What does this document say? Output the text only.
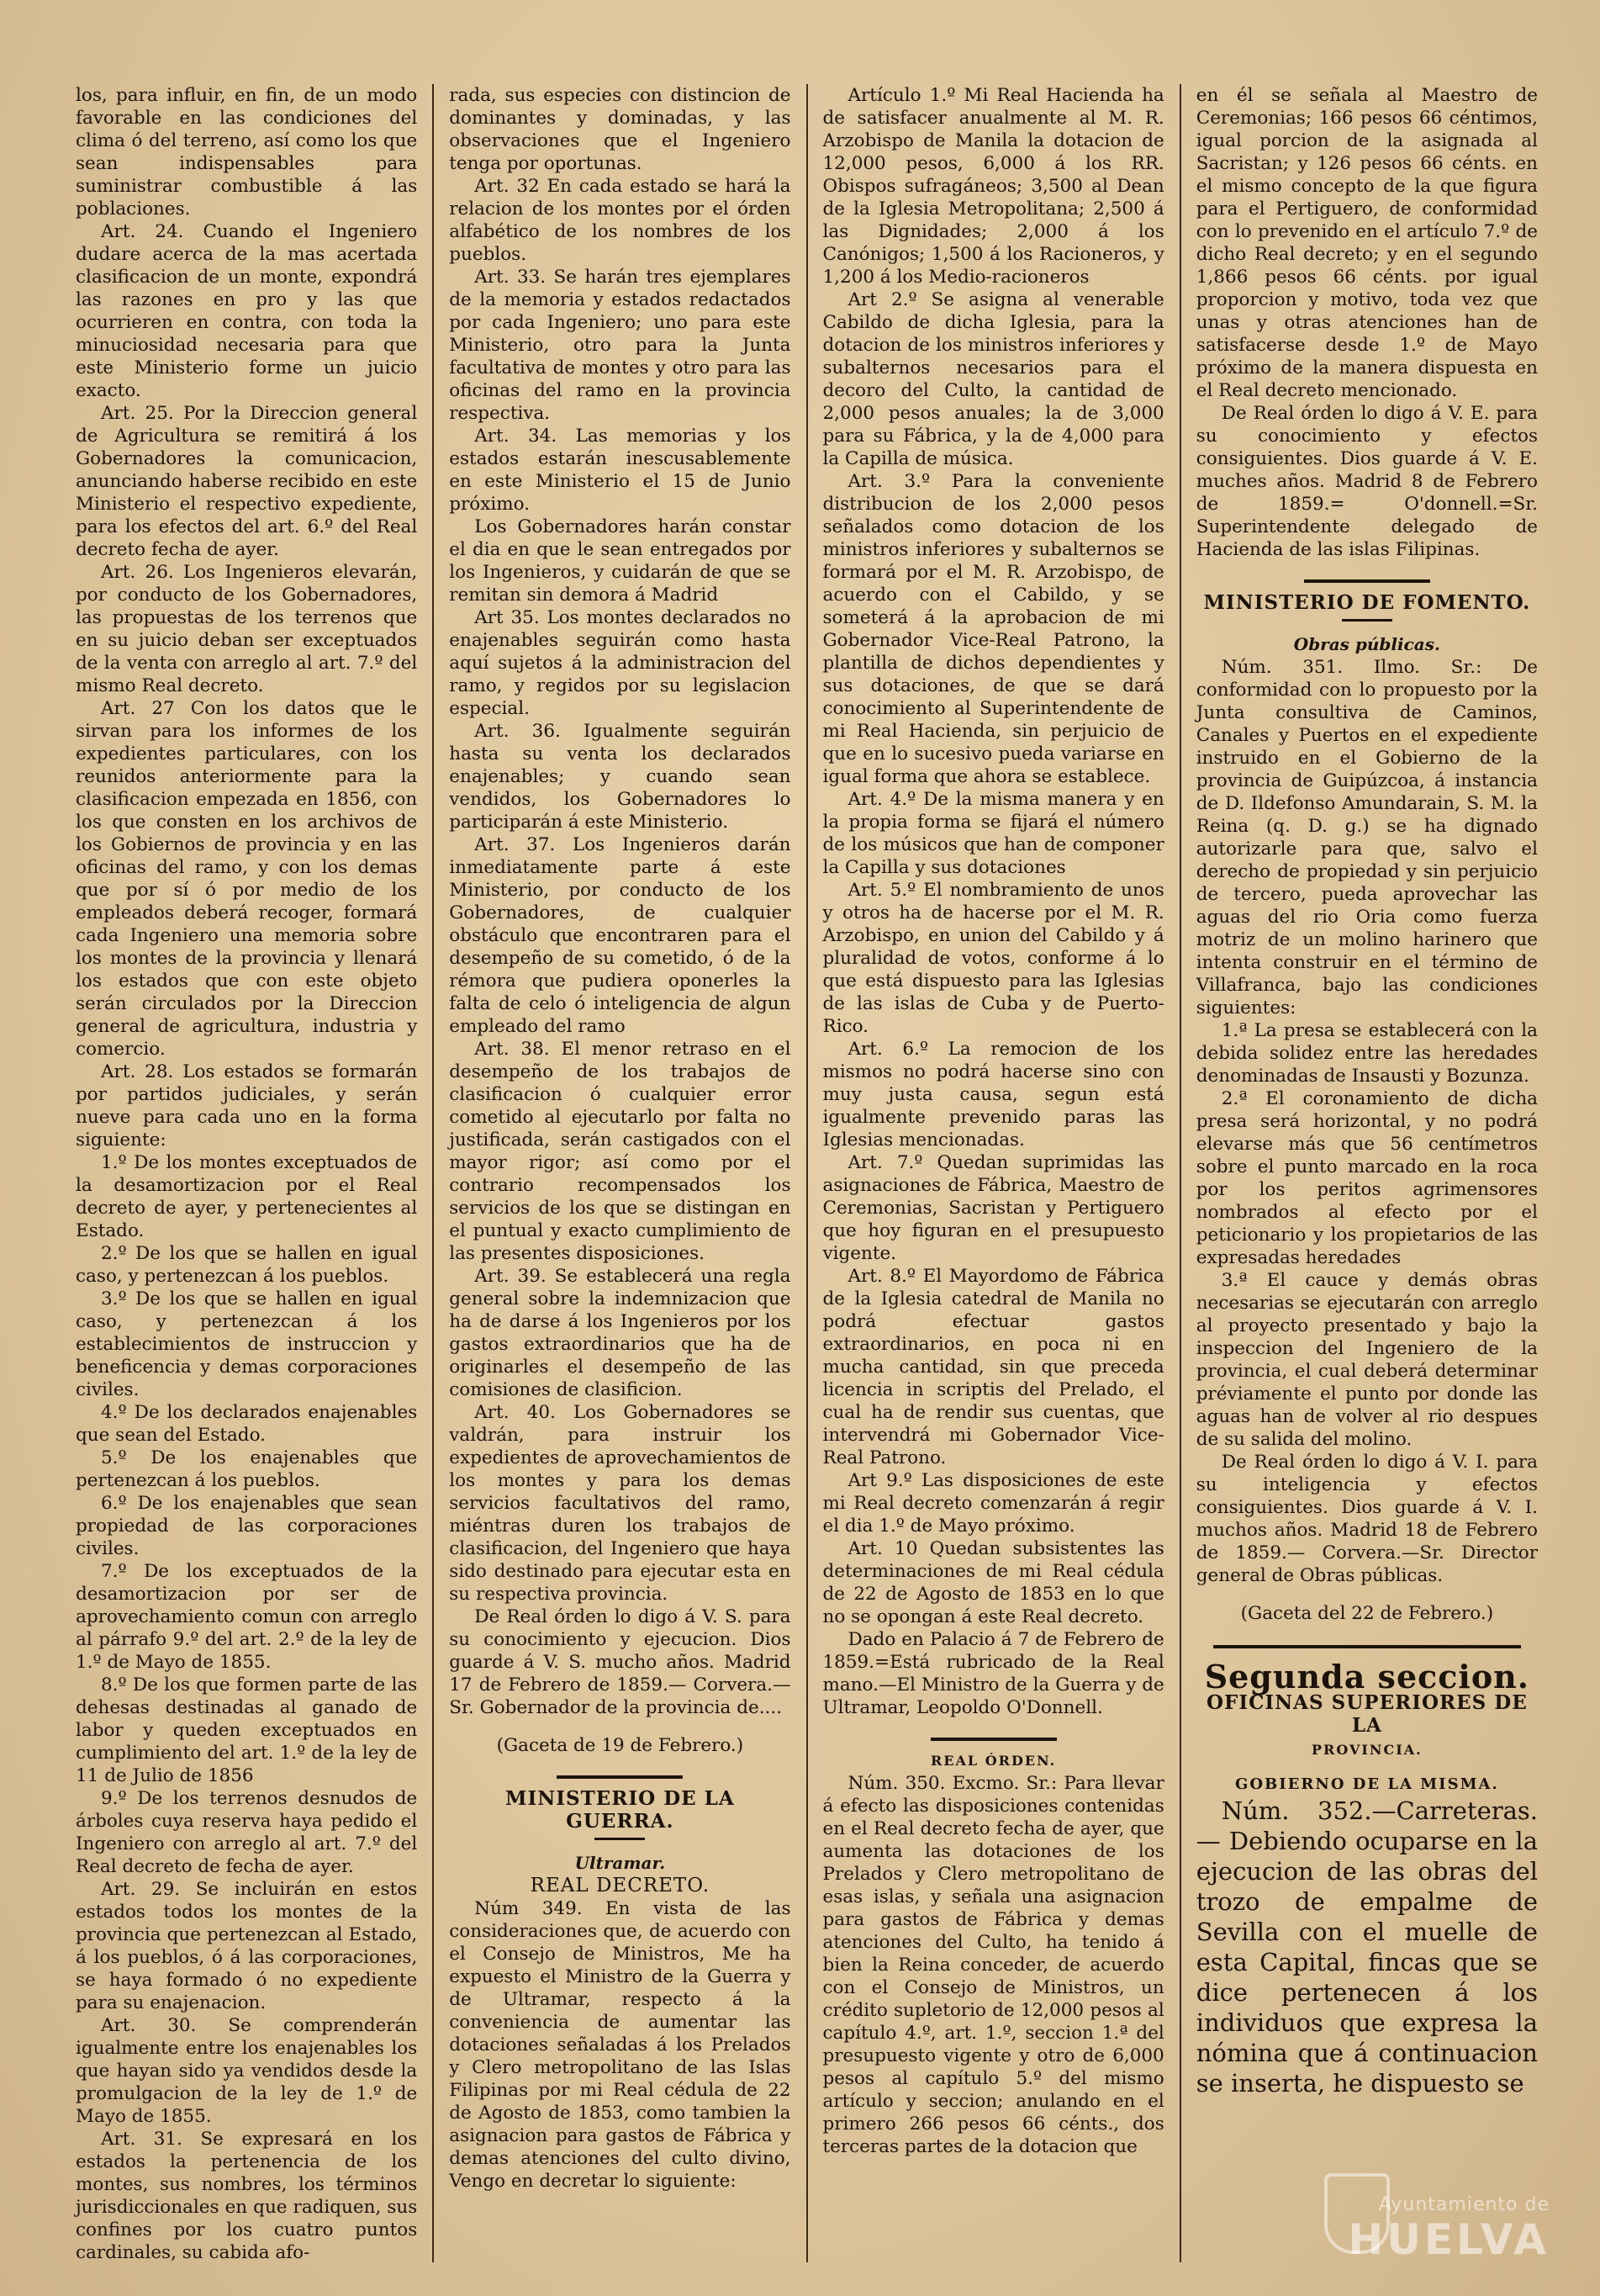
los, para influir, en fin, de un modo favorable en las condiciones del clima ó del terreno, así como los que sean indispensables para suministrar combustible á las poblaciones.

Art. 24. Cuando el Ingeniero dudare acerca de la mas acertada clasificacion de un monte, expondrá las razones en pro y las que ocurrieren en contra, con toda la minuciosidad necesaria para que este Ministerio forme un juicio exacto.

Art. 25. Por la Direccion general de Agricultura se remitirá á los Gobernadores la comunicacion, anunciando haberse recibido en este Ministerio el respectivo expediente, para los efectos del art. 6.º del Real decreto fecha de ayer.

Art. 26. Los Ingenieros elevarán, por conducto de los Gobernadores, las propuestas de los terrenos que en su juicio deban ser exceptuados de la venta con arreglo al art. 7.º del mismo Real decreto.

Art. 27 Con los datos que le sirvan para los informes de los expedientes particulares, con los reunidos anteriormente para la clasificacion empezada en 1856, con los que consten en los archivos de los Gobiernos de provincia y en las oficinas del ramo, y con los demas que por sí ó por medio de los empleados deberá recoger, formará cada Ingeniero una memoria sobre los montes de la provincia y llenará los estados que con este objeto serán circulados por la Direccion general de agricultura, industria y comercio.

Art. 28. Los estados se formarán por partidos judiciales, y serán nueve para cada uno en la forma siguiente:

1.º De los montes exceptuados de la desamortizacion por el Real decreto de ayer, y pertenecientes al Estado.

2.º De los que se hallen en igual caso, y pertenezcan á los pueblos.

3.º De los que se hallen en igual caso, y pertenezcan á los establecimientos de instruccion y beneficencia y demas corporaciones civiles.

4.º De los declarados enajenables que sean del Estado.

5.º De los enajenables que pertenezcan á los pueblos.

6.º De los enajenables que sean propiedad de las corporaciones civiles.

7.º De los exceptuados de la desamortizacion por ser de aprovechamiento comun con arreglo al párrafo 9.º del art. 2.º de la ley de 1.º de Mayo de 1855.

8.º De los que formen parte de las dehesas destinadas al ganado de labor y queden exceptuados en cumplimiento del art. 1.º de la ley de 11 de Julio de 1856

9.º De los terrenos desnudos de árboles cuya reserva haya pedido el Ingeniero con arreglo al art. 7.º del Real decreto de fecha de ayer.

Art. 29. Se incluirán en estos estados todos los montes de la provincia que pertenezcan al Estado, á los pueblos, ó á las corporaciones, se haya formado ó no expediente para su enajenacion.

Art. 30. Se comprenderán igualmente entre los enajenables los que hayan sido ya vendidos desde la promulgacion de la ley de 1.º de Mayo de 1855.

Art. 31. Se expresará en los estados la pertenencia de los montes, sus nombres, los términos jurisdiccionales en que radiquen, sus confines por los cuatro puntos cardinales, su cabida afo-

rada, sus especies con distincion de dominantes y dominadas, y las observaciones que el Ingeniero tenga por oportunas.

Art. 32 En cada estado se hará la relacion de los montes por el órden alfabético de los nombres de los pueblos.

Art. 33. Se harán tres ejemplares de la memoria y estados redactados por cada Ingeniero; uno para este Ministerio, otro para la Junta facultativa de montes y otro para las oficinas del ramo en la provincia respectiva.

Art. 34. Las memorias y los estados estarán inescusablemente en este Ministerio el 15 de Junio próximo.

Los Gobernadores harán constar el dia en que le sean entregados por los Ingenieros, y cuidarán de que se remitan sin demora á Madrid

Art 35. Los montes declarados no enajenables seguirán como hasta aquí sujetos á la administracion del ramo, y regidos por su legislacion especial.

Art. 36. Igualmente seguirán hasta su venta los declarados enajenables; y cuando sean vendidos, los Gobernadores lo participarán á este Ministerio.

Art. 37. Los Ingenieros darán inmediatamente parte á este Ministerio, por conducto de los Gobernadores, de cualquier obstáculo que encontraren para el desempeño de su cometido, ó de la rémora que pudiera oponerles la falta de celo ó inteligencia de algun empleado del ramo

Art. 38. El menor retraso en el desempeño de los trabajos de clasificacion ó cualquier error cometido al ejecutarlo por falta no justificada, serán castigados con el mayor rigor; así como por el contrario recompensados los servicios de los que se distingan en el puntual y exacto cumplimiento de las presentes disposiciones.

Art. 39. Se establecerá una regla general sobre la indemnizacion que ha de darse á los Ingenieros por los gastos extraordinarios que ha de originarles el desempeño de las comisiones de clasificion.

Art. 40. Los Gobernadores se valdrán, para instruir los expedientes de aprovechamientos de los montes y para los demas servicios facultativos del ramo, miéntras duren los trabajos de clasificacion, del Ingeniero que haya sido destinado para ejecutar esta en su respectiva provincia.

De Real órden lo digo á V. S. para su conocimiento y ejecucion. Dios guarde á V. S. mucho años. Madrid 17 de Febrero de 1859.— Corvera.— Sr. Gobernador de la provincia de....

(Gaceta de 19 de Febrero.)

MINISTERIO DE LA GUERRA.

Ultramar.

REAL DECRETO.

Núm 349. En vista de las consideraciones que, de acuerdo con el Consejo de Ministros, Me ha expuesto el Ministro de la Guerra y de Ultramar, respecto á la conveniencia de aumentar las dotaciones señaladas á los Prelados y Clero metropolitano de las Islas Filipinas por mi Real cédula de 22 de Agosto de 1853, como tambien la asignacion para gastos de Fábrica y demas atenciones del culto divino, Vengo en decretar lo siguiente:

Artículo 1.º Mi Real Hacienda ha de satisfacer anualmente al M. R. Arzobispo de Manila la dotacion de 12,000 pesos, 6,000 á los RR. Obispos sufragáneos; 3,500 al Dean de la Iglesia Metropolitana; 2,500 á las Dignidades; 2,000 á los Canónigos; 1,500 á los Racioneros, y 1,200 á los Medio-racioneros

Art 2.º Se asigna al venerable Cabildo de dicha Iglesia, para la dotacion de los ministros inferiores y subalternos necesarios para el decoro del Culto, la cantidad de 2,000 pesos anuales; la de 3,000 para su Fábrica, y la de 4,000 para la Capilla de música.

Art. 3.º Para la conveniente distribucion de los 2,000 pesos señalados como dotacion de los ministros inferiores y subalternos se formará por el M. R. Arzobispo, de acuerdo con el Cabildo, y se someterá á la aprobacion de mi Gobernador Vice-Real Patrono, la plantilla de dichos dependientes y sus dotaciones, de que se dará conocimiento al Superintendente de mi Real Hacienda, sin perjuicio de que en lo sucesivo pueda variarse en igual forma que ahora se establece.

Art. 4.º De la misma manera y en la propia forma se fijará el número de los músicos que han de componer la Capilla y sus dotaciones

Art. 5.º El nombramiento de unos y otros ha de hacerse por el M. R. Arzobispo, en union del Cabildo y á pluralidad de votos, conforme á lo que está dispuesto para las Iglesias de las islas de Cuba y de Puerto-Rico.

Art. 6.º La remocion de los mismos no podrá hacerse sino con muy justa causa, segun está igualmente prevenido paras las Iglesias mencionadas.

Art. 7.º Quedan suprimidas las asignaciones de Fábrica, Maestro de Ceremonias, Sacristan y Pertiguero que hoy figuran en el presupuesto vigente.

Art. 8.º El Mayordomo de Fábrica de la Iglesia catedral de Manila no podrá efectuar gastos extraordinarios, en poca ni en mucha cantidad, sin que preceda licencia in scriptis del Prelado, el cual ha de rendir sus cuentas, que intervendrá mi Gobernador Vice-Real Patrono.

Art 9.º Las disposiciones de este mi Real decreto comenzarán á regir el dia 1.º de Mayo próximo.

Art. 10 Quedan subsistentes las determinaciones de mi Real cédula de 22 de Agosto de 1853 en lo que no se opongan á este Real decreto.

Dado en Palacio á 7 de Febrero de 1859.=Está rubricado de la Real mano.—El Ministro de la Guerra y de Ultramar, Leopoldo O'Donnell.

REAL ÓRDEN.

Núm. 350. Excmo. Sr.: Para llevar á efecto las disposiciones contenidas en el Real decreto fecha de ayer, que aumenta las dotaciones de los Prelados y Clero metropolitano de esas islas, y señala una asignacion para gastos de Fábrica y demas atenciones del Culto, ha tenido á bien la Reina conceder, de acuerdo con el Consejo de Ministros, un crédito supletorio de 12,000 pesos al capítulo 4.º, art. 1.º, seccion 1.ª del presupuesto vigente y otro de 6,000 pesos al capítulo 5.º del mismo artículo y seccion; anulando en el primero 266 pesos 66 cénts., dos terceras partes de la dotacion que

en él se señala al Maestro de Ceremonias; 166 pesos 66 céntimos, igual porcion de la asignada al Sacristan; y 126 pesos 66 cénts. en el mismo concepto de la que figura para el Pertiguero, de conformidad con lo prevenido en el artículo 7.º de dicho Real decreto; y en el segundo 1,866 pesos 66 cénts. por igual proporcion y motivo, toda vez que unas y otras atenciones han de satisfacerse desde 1.º de Mayo próximo de la manera dispuesta en el Real decreto mencionado.

De Real órden lo digo á V. E. para su conocimiento y efectos consiguientes. Dios guarde á V. E. muches años. Madrid 8 de Febrero de 1859.= O'donnell.=Sr. Superintendente delegado de Hacienda de las islas Filipinas.

MINISTERIO DE FOMENTO.

Obras públicas.

Núm. 351. Ilmo. Sr.: De conformidad con lo propuesto por la Junta consultiva de Caminos, Canales y Puertos en el expediente instruido en el Gobierno de la provincia de Guipúzcoa, á instancia de D. Ildefonso Amundarain, S. M. la Reina (q. D. g.) se ha dignado autorizarle para que, salvo el derecho de propiedad y sin perjuicio de tercero, pueda aprovechar las aguas del rio Oria como fuerza motriz de un molino harinero que intenta construir en el término de Villafranca, bajo las condiciones siguientes:

1.ª La presa se establecerá con la debida solidez entre las heredades denominadas de Insausti y Bozunza.

2.ª El coronamiento de dicha presa será horizontal, y no podrá elevarse más que 56 centímetros sobre el punto marcado en la roca por los peritos agrimensores nombrados al efecto por el peticionario y los propietarios de las expresadas heredades

3.ª El cauce y demás obras necesarias se ejecutarán con arreglo al proyecto presentado y bajo la inspeccion del Ingeniero de la provincia, el cual deberá determinar préviamente el punto por donde las aguas han de volver al rio despues de su salida del molino.

De Real órden lo digo á V. I. para su inteligencia y efectos consiguientes. Dios guarde á V. I. muchos años. Madrid 18 de Febrero de 1859.— Corvera.—Sr. Director general de Obras públicas.

(Gaceta del 22 de Febrero.)

Segunda seccion.

OFICINAS SUPERIORES DE LA

PROVINCIA.

GOBIERNO DE LA MISMA.

Núm. 352.—Carreteras.— Debiendo ocuparse en la ejecucion de las obras del trozo de empalme de Sevilla con el muelle de esta Capital, fincas que se dice pertenecen á los individuos que expresa la nómina que á continuacion se inserta, he dispuesto se

Ayuntamiento de
HUELVA
